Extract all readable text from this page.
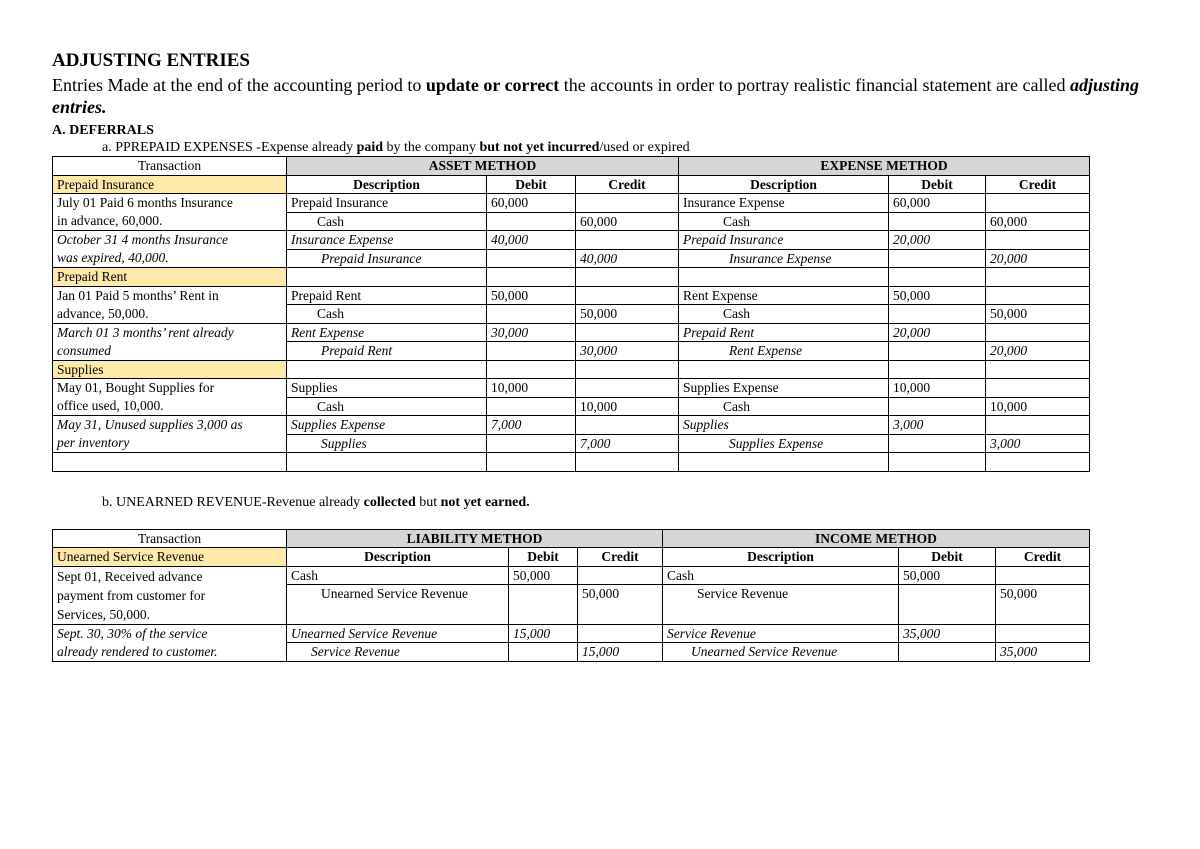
ADJUSTING ENTRIES

Entries Made at the end of the accounting period to update or correct the accounts in order to portray realistic financial statement are called adjusting entries.

A. DEFERRALS

a. PPREPAID EXPENSES -Expense already paid by the company but not yet incurred/used or expired

Transaction	ASSET METHOD			EXPENSE METHOD		
Prepaid Insurance	Description	Debit	Credit	Description	Debit	Credit
July 01 Paid 6 months Insurance	Prepaid Insurance	60,000		Insurance Expense	60,000	
in advance, 60,000.	Cash		60,000	Cash		60,000
October 31 4 months Insurance	Insurance Expense	40,000		Prepaid Insurance	20,000	
was expired, 40,000.	Prepaid Insurance		40,000	Insurance Expense		20,000
Prepaid Rent						
Jan 01 Paid 5 months’ Rent in	Prepaid Rent	50,000		Rent Expense	50,000	
advance, 50,000.	Cash		50,000	Cash		50,000
March 01 3 months’ rent already	Rent Expense	30,000		Prepaid Rent	20,000	
consumed	Prepaid Rent		30,000	Rent Expense		20,000
Supplies						
May 01, Bought Supplies for	Supplies	10,000		Supplies Expense	10,000	
office used, 10,000.	Cash		10,000	Cash		10,000
May 31, Unused supplies 3,000 as	Supplies Expense	7,000		Supplies	3,000	
per inventory	Supplies		7,000	Supplies Expense		3,000

b. UNEARNED REVENUE-Revenue already collected but not yet earned.

Transaction	LIABILITY METHOD			INCOME METHOD		
Unearned Service Revenue	Description	Debit	Credit	Description	Debit	Credit
Sept 01, Received advance
payment from customer for
Services, 50,000.	Cash	50,000		Cash	50,000	
	Unearned Service Revenue		50,000	Service Revenue		50,000
Sept. 30, 30% of the service	Unearned Service Revenue	15,000		Service Revenue	35,000	
already rendered to customer.	Service Revenue		15,000	Unearned Service Revenue		35,000
